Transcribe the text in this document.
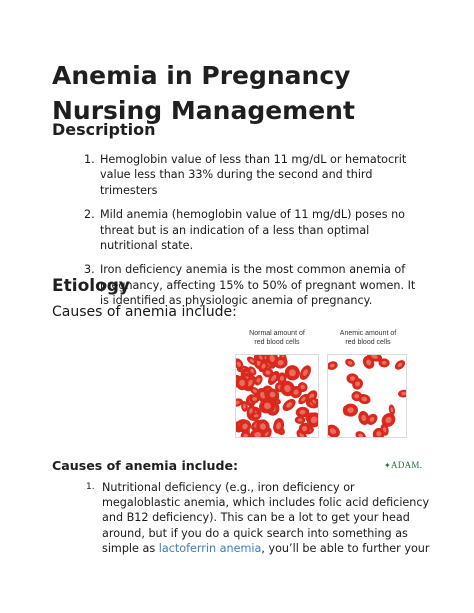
Anemia in Pregnancy
Nursing Management
Description
1. Hemoglobin value of less than 11 mg/dL or hematocrit value less than 33% during the second and third trimesters
2. Mild anemia (hemoglobin value of 11 mg/dL) poses no threat but is an indication of a less than optimal nutritional state.
3. Iron deficiency anemia is the most common anemia of pregnancy, affecting 15% to 50% of pregnant women. It is identified as physiologic anemia of pregnancy.
Etiology
Causes of anemia include:
Normal amount of
red blood cells
Anemic amount of
red blood cells
✦ADAM.
Causes of anemia include:
1. Nutritional deficiency (e.g., iron deficiency or megaloblastic anemia, which includes folic acid deficiency and B12 deficiency). This can be a lot to get your head around, but if you do a quick search into something as simple as lactoferrin anemia, you’ll be able to further your
